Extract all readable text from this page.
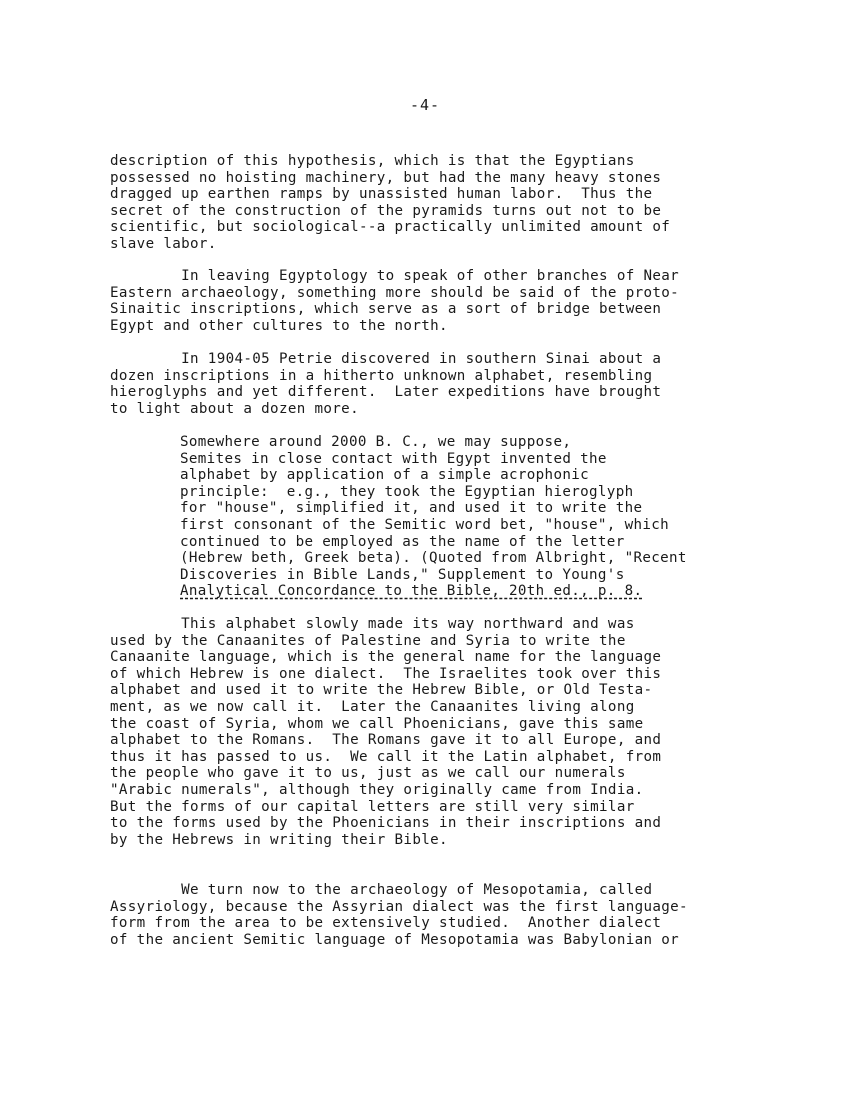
-4-
description of this hypothesis, which is that the Egyptians
possessed no hoisting machinery, but had the many heavy stones
dragged up earthen ramps by unassisted human labor.  Thus the
secret of the construction of the pyramids turns out not to be
scientific, but sociological--a practically unlimited amount of
slave labor.
In leaving Egyptology to speak of other branches of Near
Eastern archaeology, something more should be said of the proto-
Sinaitic inscriptions, which serve as a sort of bridge between
Egypt and other cultures to the north.
In 1904-05 Petrie discovered in southern Sinai about a
dozen inscriptions in a hitherto unknown alphabet, resembling
hieroglyphs and yet different.  Later expeditions have brought
to light about a dozen more.
Somewhere around 2000 B. C., we may suppose,
Semites in close contact with Egypt invented the
alphabet by application of a simple acrophonic
principle:  e.g., they took the Egyptian hieroglyph
for "house", simplified it, and used it to write the
first consonant of the Semitic word bet, "house", which
continued to be employed as the name of the letter
(Hebrew beth, Greek beta). (Quoted from Albright, "Recent
Discoveries in Bible Lands," Supplement to Young's
Analytical Concordance to the Bible, 20th ed., p. 8.
This alphabet slowly made its way northward and was
used by the Canaanites of Palestine and Syria to write the
Canaanite language, which is the general name for the language
of which Hebrew is one dialect.  The Israelites took over this
alphabet and used it to write the Hebrew Bible, or Old Testa-
ment, as we now call it.  Later the Canaanites living along
the coast of Syria, whom we call Phoenicians, gave this same
alphabet to the Romans.  The Romans gave it to all Europe, and
thus it has passed to us.  We call it the Latin alphabet, from
the people who gave it to us, just as we call our numerals
"Arabic numerals", although they originally came from India.
But the forms of our capital letters are still very similar
to the forms used by the Phoenicians in their inscriptions and
by the Hebrews in writing their Bible.
We turn now to the archaeology of Mesopotamia, called
Assyriology, because the Assyrian dialect was the first language-
form from the area to be extensively studied.  Another dialect
of the ancient Semitic language of Mesopotamia was Babylonian or
